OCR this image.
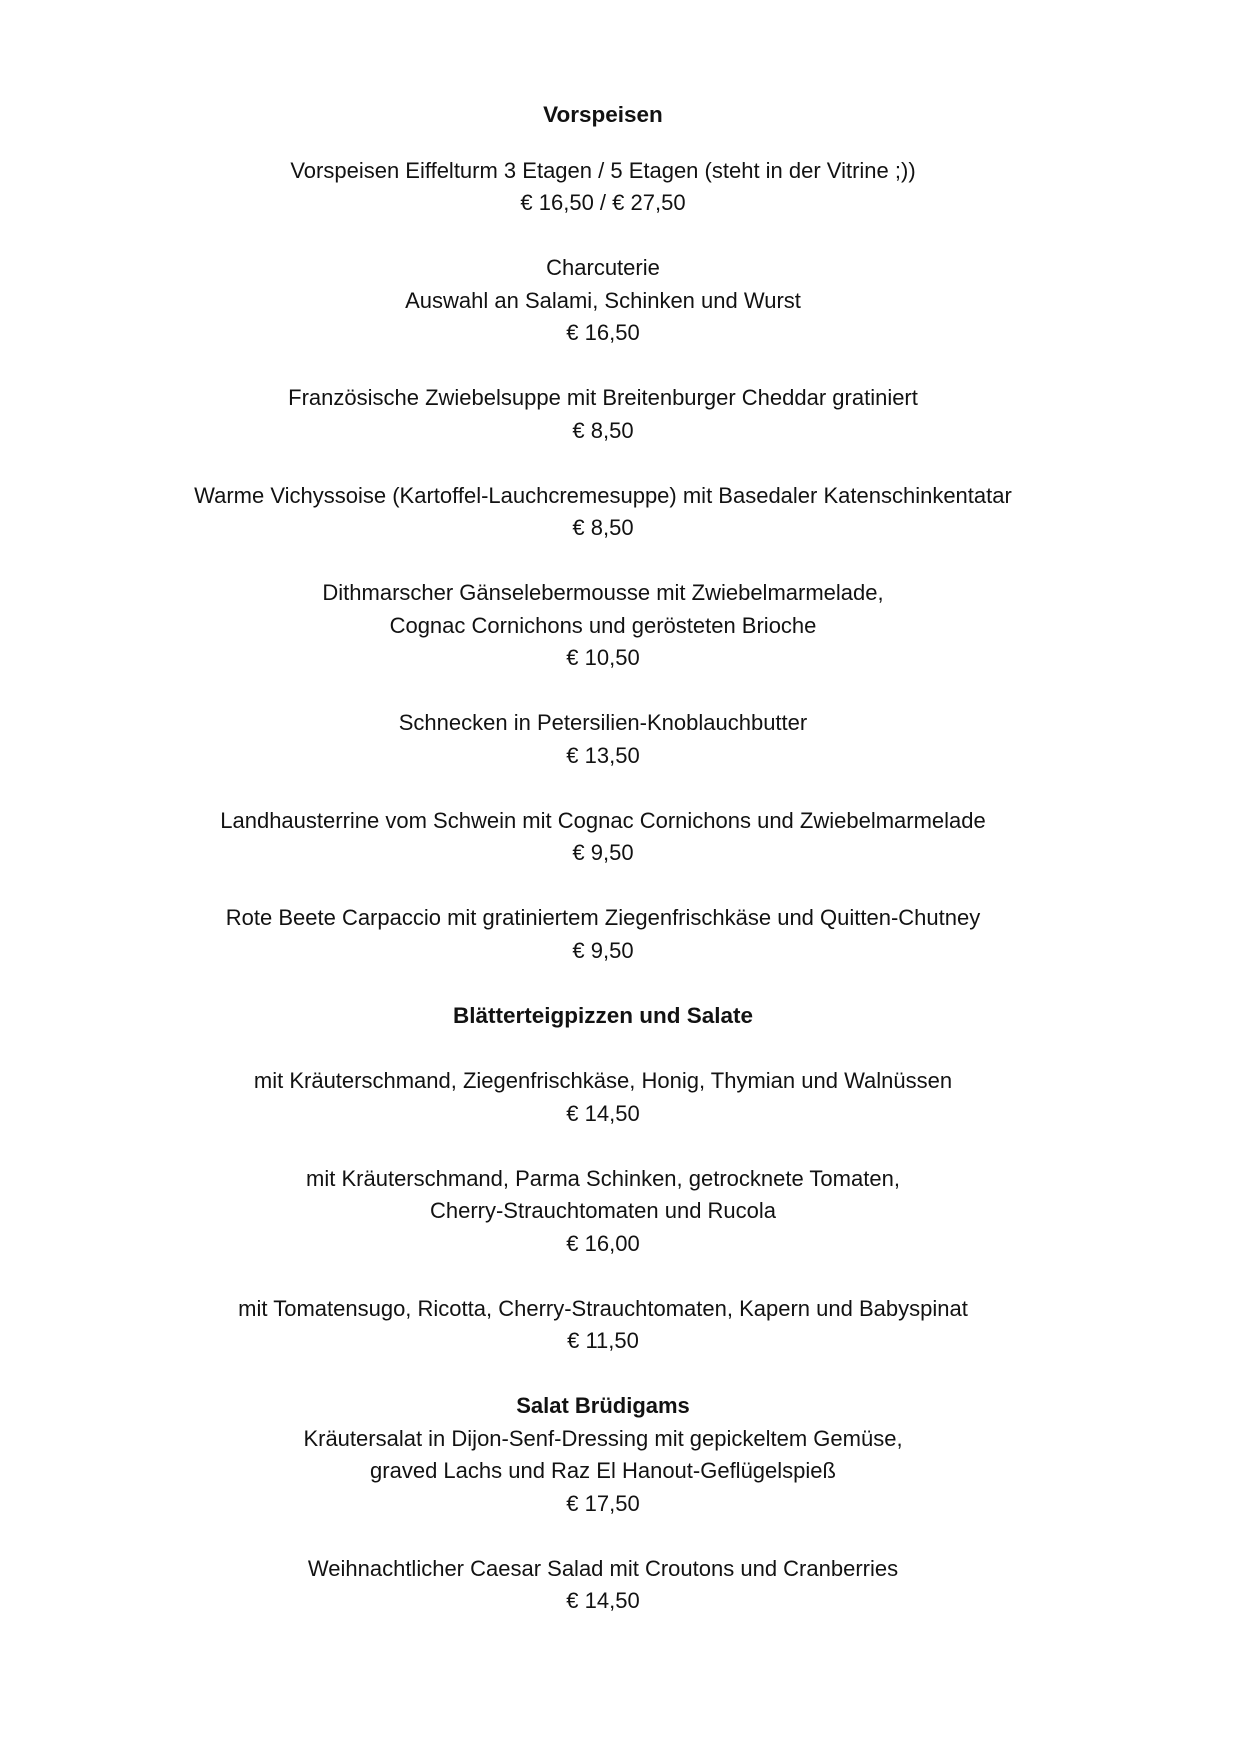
Vorspeisen

Vorspeisen Eiffelturm 3 Etagen / 5 Etagen (steht in der Vitrine ;))

€ 16,50 / € 27,50

Charcuterie

Auswahl an Salami, Schinken und Wurst

€ 16,50

Französische Zwiebelsuppe mit Breitenburger Cheddar gratiniert

€ 8,50

Warme Vichyssoise (Kartoffel-Lauchcremesuppe) mit Basedaler Katenschinkentatar

€ 8,50

Dithmarscher Gänselebermousse mit Zwiebelmarmelade,

Cognac Cornichons und gerösteten Brioche

€ 10,50

Schnecken in Petersilien-Knoblauchbutter

€ 13,50

Landhausterrine vom Schwein mit Cognac Cornichons und Zwiebelmarmelade

€ 9,50

Rote Beete Carpaccio mit gratiniertem Ziegenfrischkäse und Quitten-Chutney

€ 9,50

Blätterteigpizzen und Salate

mit Kräuterschmand, Ziegenfrischkäse, Honig, Thymian und Walnüssen

€ 14,50

mit Kräuterschmand, Parma Schinken, getrocknete Tomaten,

Cherry-Strauchtomaten und Rucola

€ 16,00

mit Tomatensugo, Ricotta, Cherry-Strauchtomaten, Kapern und Babyspinat

€ 11,50

Salat Brüdigams

Kräutersalat in Dijon-Senf-Dressing mit gepickeltem Gemüse,

graved Lachs und Raz El Hanout-Geflügelspieß

€ 17,50

Weihnachtlicher Caesar Salad mit Croutons und Cranberries

€ 14,50
